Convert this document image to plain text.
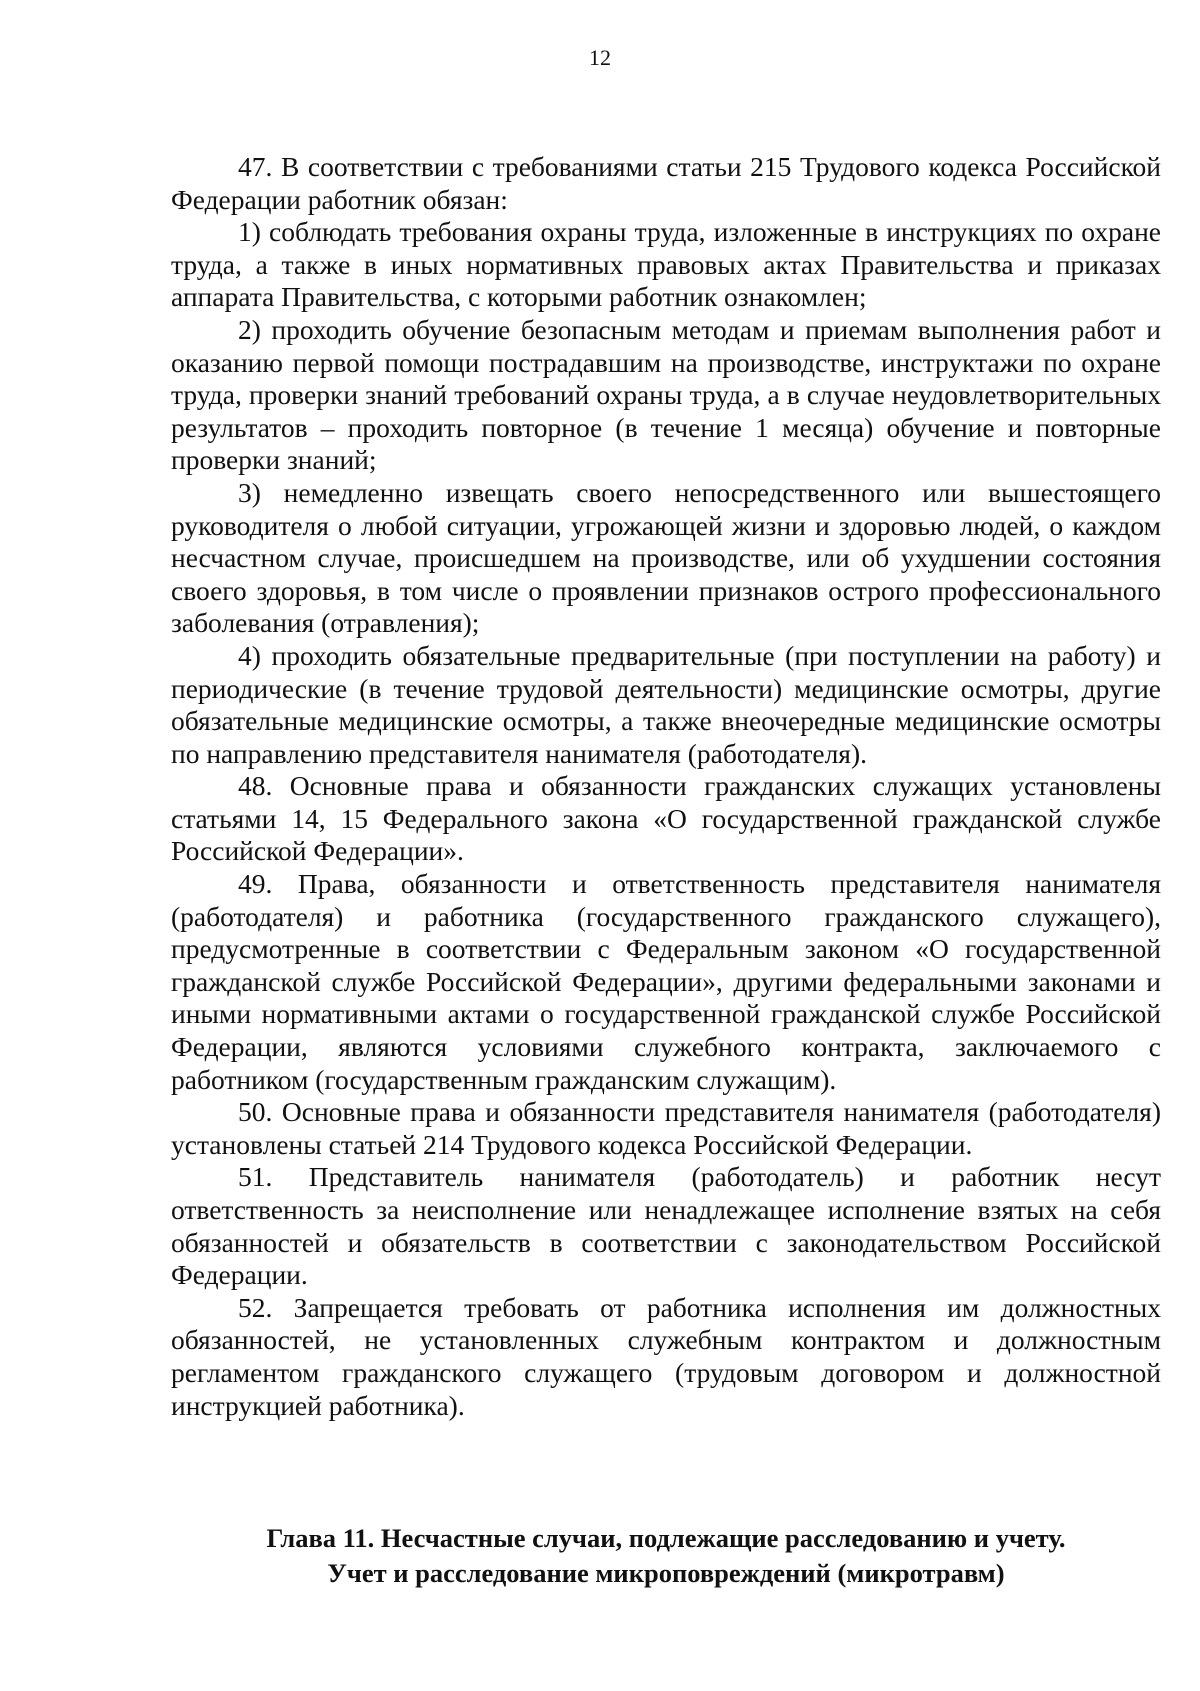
12

47. В соответствии с требованиями статьи 215 Трудового кодекса Российской Федерации работник обязан:

1) соблюдать требования охраны труда, изложенные в инструкциях по охране труда, а также в иных нормативных правовых актах Правительства и приказах аппарата Правительства, с которыми работник ознакомлен;

2) проходить обучение безопасным методам и приемам выполнения работ и оказанию первой помощи пострадавшим на производстве, инструктажи по охране труда, проверки знаний требований охраны труда, а в случае неудовлетворительных результатов – проходить повторное (в течение 1 месяца) обучение и повторные проверки знаний;

3) немедленно извещать своего непосредственного или вышестоящего руководителя о любой ситуации, угрожающей жизни и здоровью людей, о каждом несчастном случае, происшедшем на производстве, или об ухудшении состояния своего здоровья, в том числе о проявлении признаков острого профессионального заболевания (отравления);

4) проходить обязательные предварительные (при поступлении на работу) и периодические (в течение трудовой деятельности) медицинские осмотры, другие обязательные медицинские осмотры, а также внеочередные медицинские осмотры по направлению представителя нанимателя (работодателя).

48. Основные права и обязанности гражданских служащих установлены статьями 14, 15 Федерального закона «О государственной гражданской службе Российской Федерации».

49. Права, обязанности и ответственность представителя нанимателя (работодателя) и работника (государственного гражданского служащего), предусмотренные в соответствии с Федеральным законом «О государственной гражданской службе Российской Федерации», другими федеральными законами и иными нормативными актами о государственной гражданской службе Российской Федерации, являются условиями служебного контракта, заключаемого с работником (государственным гражданским служащим).

50. Основные права и обязанности представителя нанимателя (работодателя) установлены статьей 214 Трудового кодекса Российской Федерации.

51. Представитель нанимателя (работодатель) и работник несут ответственность за неисполнение или ненадлежащее исполнение взятых на себя обязанностей и обязательств в соответствии с законодательством Российской Федерации.

52. Запрещается требовать от работника исполнения им должностных обязанностей, не установленных служебным контрактом и должностным регламентом гражданского служащего (трудовым договором и должностной инструкцией работника).

Глава 11. Несчастные случаи, подлежащие расследованию и учету.
Учет и расследование микроповреждений (микротравм)
